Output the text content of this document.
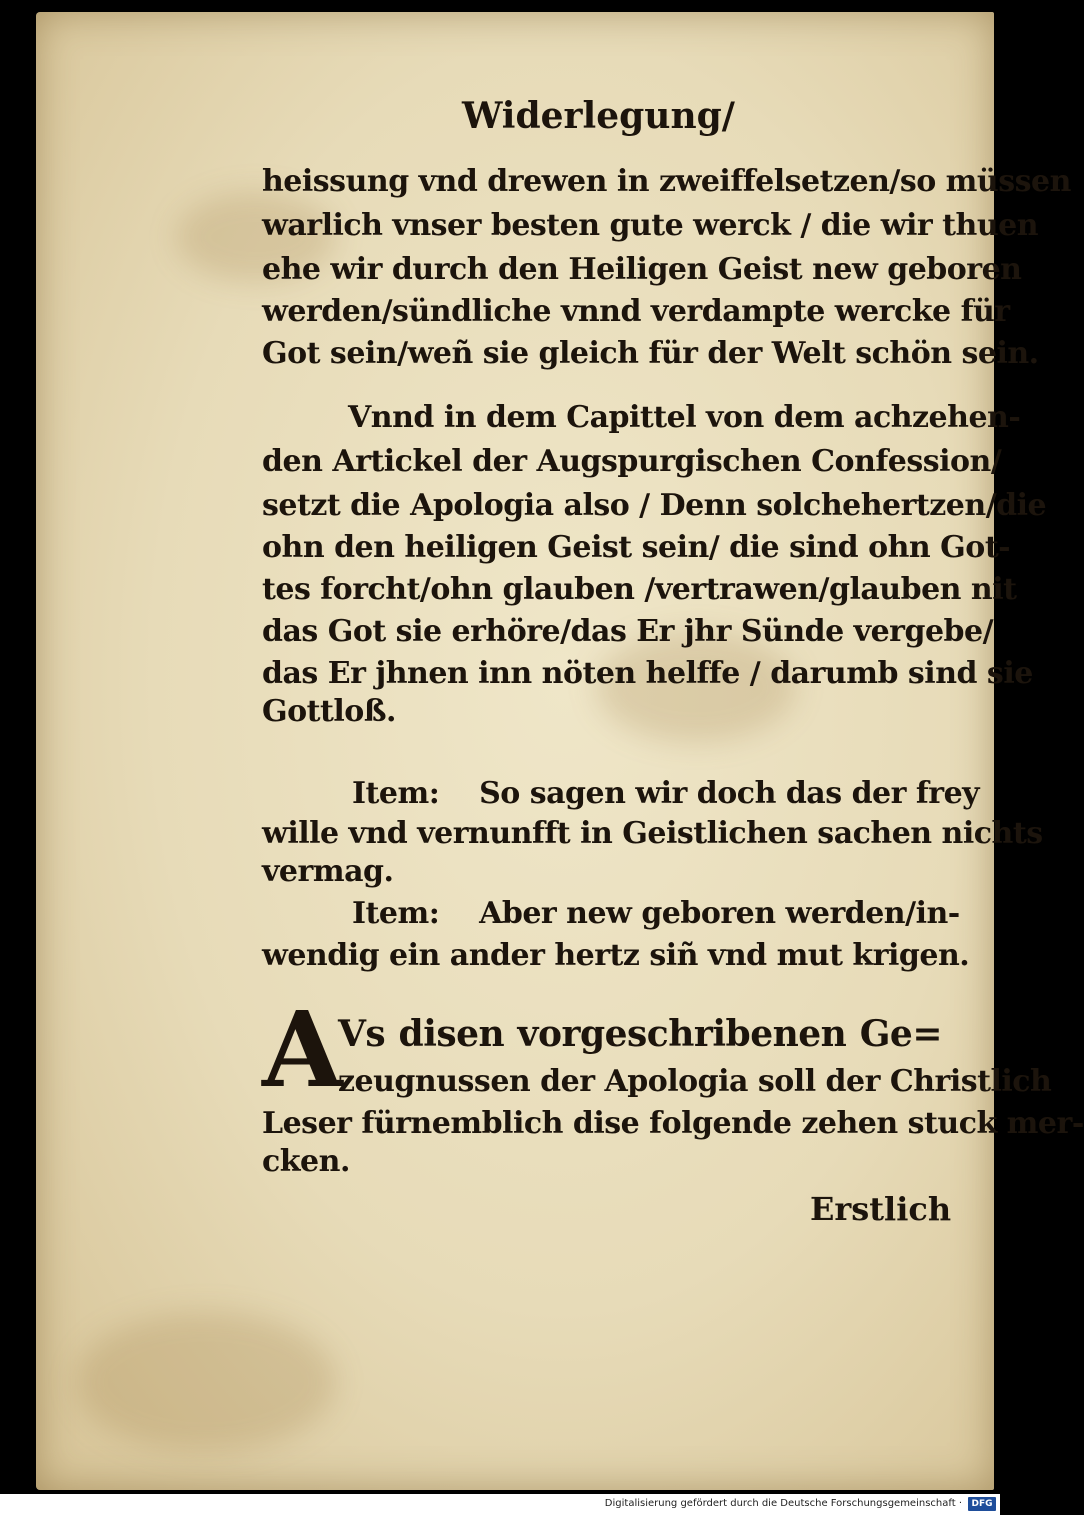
Widerlegung/

heissung vnd drewen in zweiffelsetzen/so müssen

warlich vnser besten gute werck / die wir thuen

ehe wir durch den Heiligen Geist new geboren

werden/sündliche vnnd verdampte wercke für

Got sein/weñ sie gleich für der Welt schön sein.

Vnnd in dem Capittel von dem achzehen-

den Artickel der Augspurgischen Confession/

setzt die Apologia also / Denn solchehertzen/die

ohn den heiligen Geist sein/ die sind ohn Got-

tes forcht/ohn glauben /vertrawen/glauben nit

das Got sie erhöre/das Er jhr Sünde vergebe/

das Er jhnen inn nöten helffe / darumb sind sie

Gottloß.

Item:    So sagen wir doch das der frey

wille vnd vernunfft in Geistlichen sachen nichts

vermag.

Item:    Aber new geboren werden/in-

wendig ein ander hertz siñ vnd mut krigen.

A

Vs disen vorgeschribenen Ge=

zeugnussen der Apologia soll der Christlich

Leser fürnemblich dise folgende zehen stuck mer-

cken.

Erstlich

Digitalisierung gefördert durch die Deutsche Forschungsgemeinschaft ·	DFG
